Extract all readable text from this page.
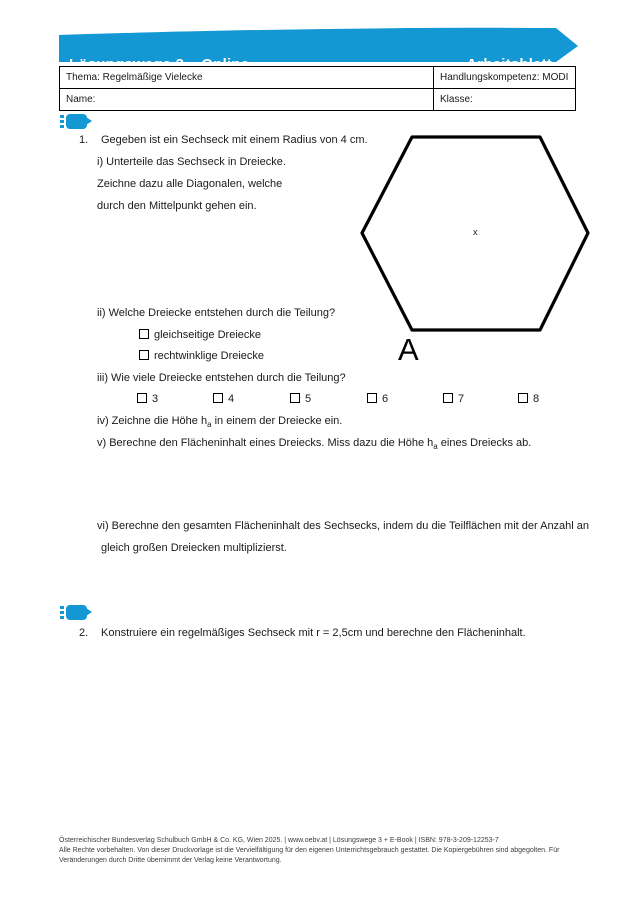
Lösungswege 3 – Online	Arbeitsblatt
Thema: Regelmäßige Vielecke	Handlungskompetenz: MODI
Name:	Klasse:
1. Gegeben ist ein Sechseck mit einem Radius von 4 cm.
i) Unterteile das Sechseck in Dreiecke.
Zeichne dazu alle Diagonalen, welche
durch den Mittelpunkt gehen ein.
x
A
ii) Welche Dreiecke entstehen durch die Teilung?
gleichseitige Dreiecke
rechtwinklige Dreiecke
iii) Wie viele Dreiecke entstehen durch die Teilung?
3	4	5	6	7	8
iv) Zeichne die Höhe $h_a$ in einem der Dreiecke ein.
v) Berechne den Flächeninhalt eines Dreiecks. Miss dazu die Höhe $h_a$ eines Dreiecks ab.
vi) Berechne den gesamten Flächeninhalt des Sechsecks, indem du die Teilflächen mit der Anzahl an
gleich großen Dreiecken multiplizierst.
2. Konstruiere ein regelmäßiges Sechseck mit r = 2,5cm und berechne den Flächeninhalt.
Österreichischer Bundesverlag Schulbuch GmbH & Co. KG, Wien 2025. | www.oebv.at | Lösungswege 3 + E-Book | ISBN: 978-3-209-12253-7
Alle Rechte vorbehalten. Von dieser Druckvorlage ist die Vervielfältigung für den eigenen Unterrichtsgebrauch gestattet. Die Kopiergebühren sind abgegolten. Für
Veränderungen durch Dritte übernimmt der Verlag keine Verantwortung.
